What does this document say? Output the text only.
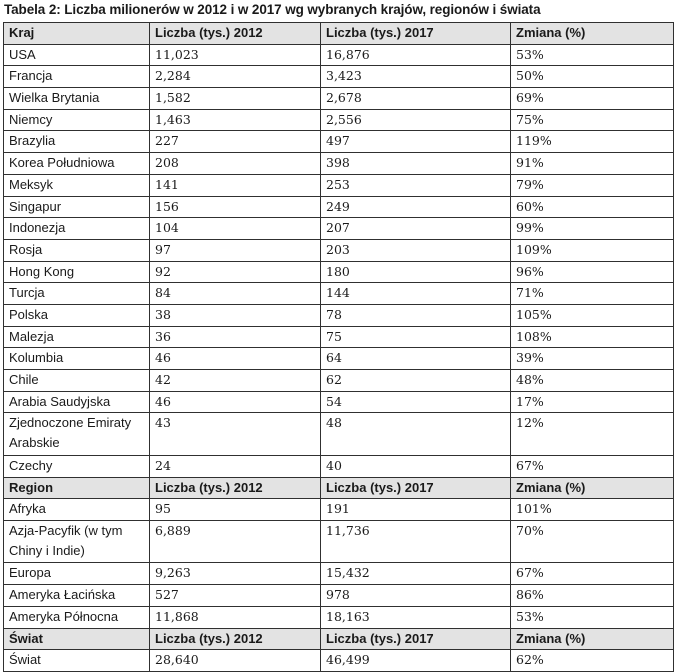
Tabela 2: Liczba milionerów w 2012 i w 2017 wg wybranych krajów, regionów i świata
Kraj	Liczba (tys.) 2012	Liczba (tys.) 2017	Zmiana (%)
USA	11,023	16,876	53%
Francja	2,284	3,423	50%
Wielka Brytania	1,582	2,678	69%
Niemcy	1,463	2,556	75%
Brazylia	227	497	119%
Korea Południowa	208	398	91%
Meksyk	141	253	79%
Singapur	156	249	60%
Indonezja	104	207	99%
Rosja	97	203	109%
Hong Kong	92	180	96%
Turcja	84	144	71%
Polska	38	78	105%
Malezja	36	75	108%
Kolumbia	46	64	39%
Chile	42	62	48%
Arabia Saudyjska	46	54	17%
Zjednoczone Emiraty Arabskie	43	48	12%
Czechy	24	40	67%
Region	Liczba (tys.) 2012	Liczba (tys.) 2017	Zmiana (%)
Afryka	95	191	101%
Azja-Pacyfik (w tym Chiny i Indie)	6,889	11,736	70%
Europa	9,263	15,432	67%
Ameryka Łacińska	527	978	86%
Ameryka Północna	11,868	18,163	53%
Świat	Liczba (tys.) 2012	Liczba (tys.) 2017	Zmiana (%)
Świat	28,640	46,499	62%
